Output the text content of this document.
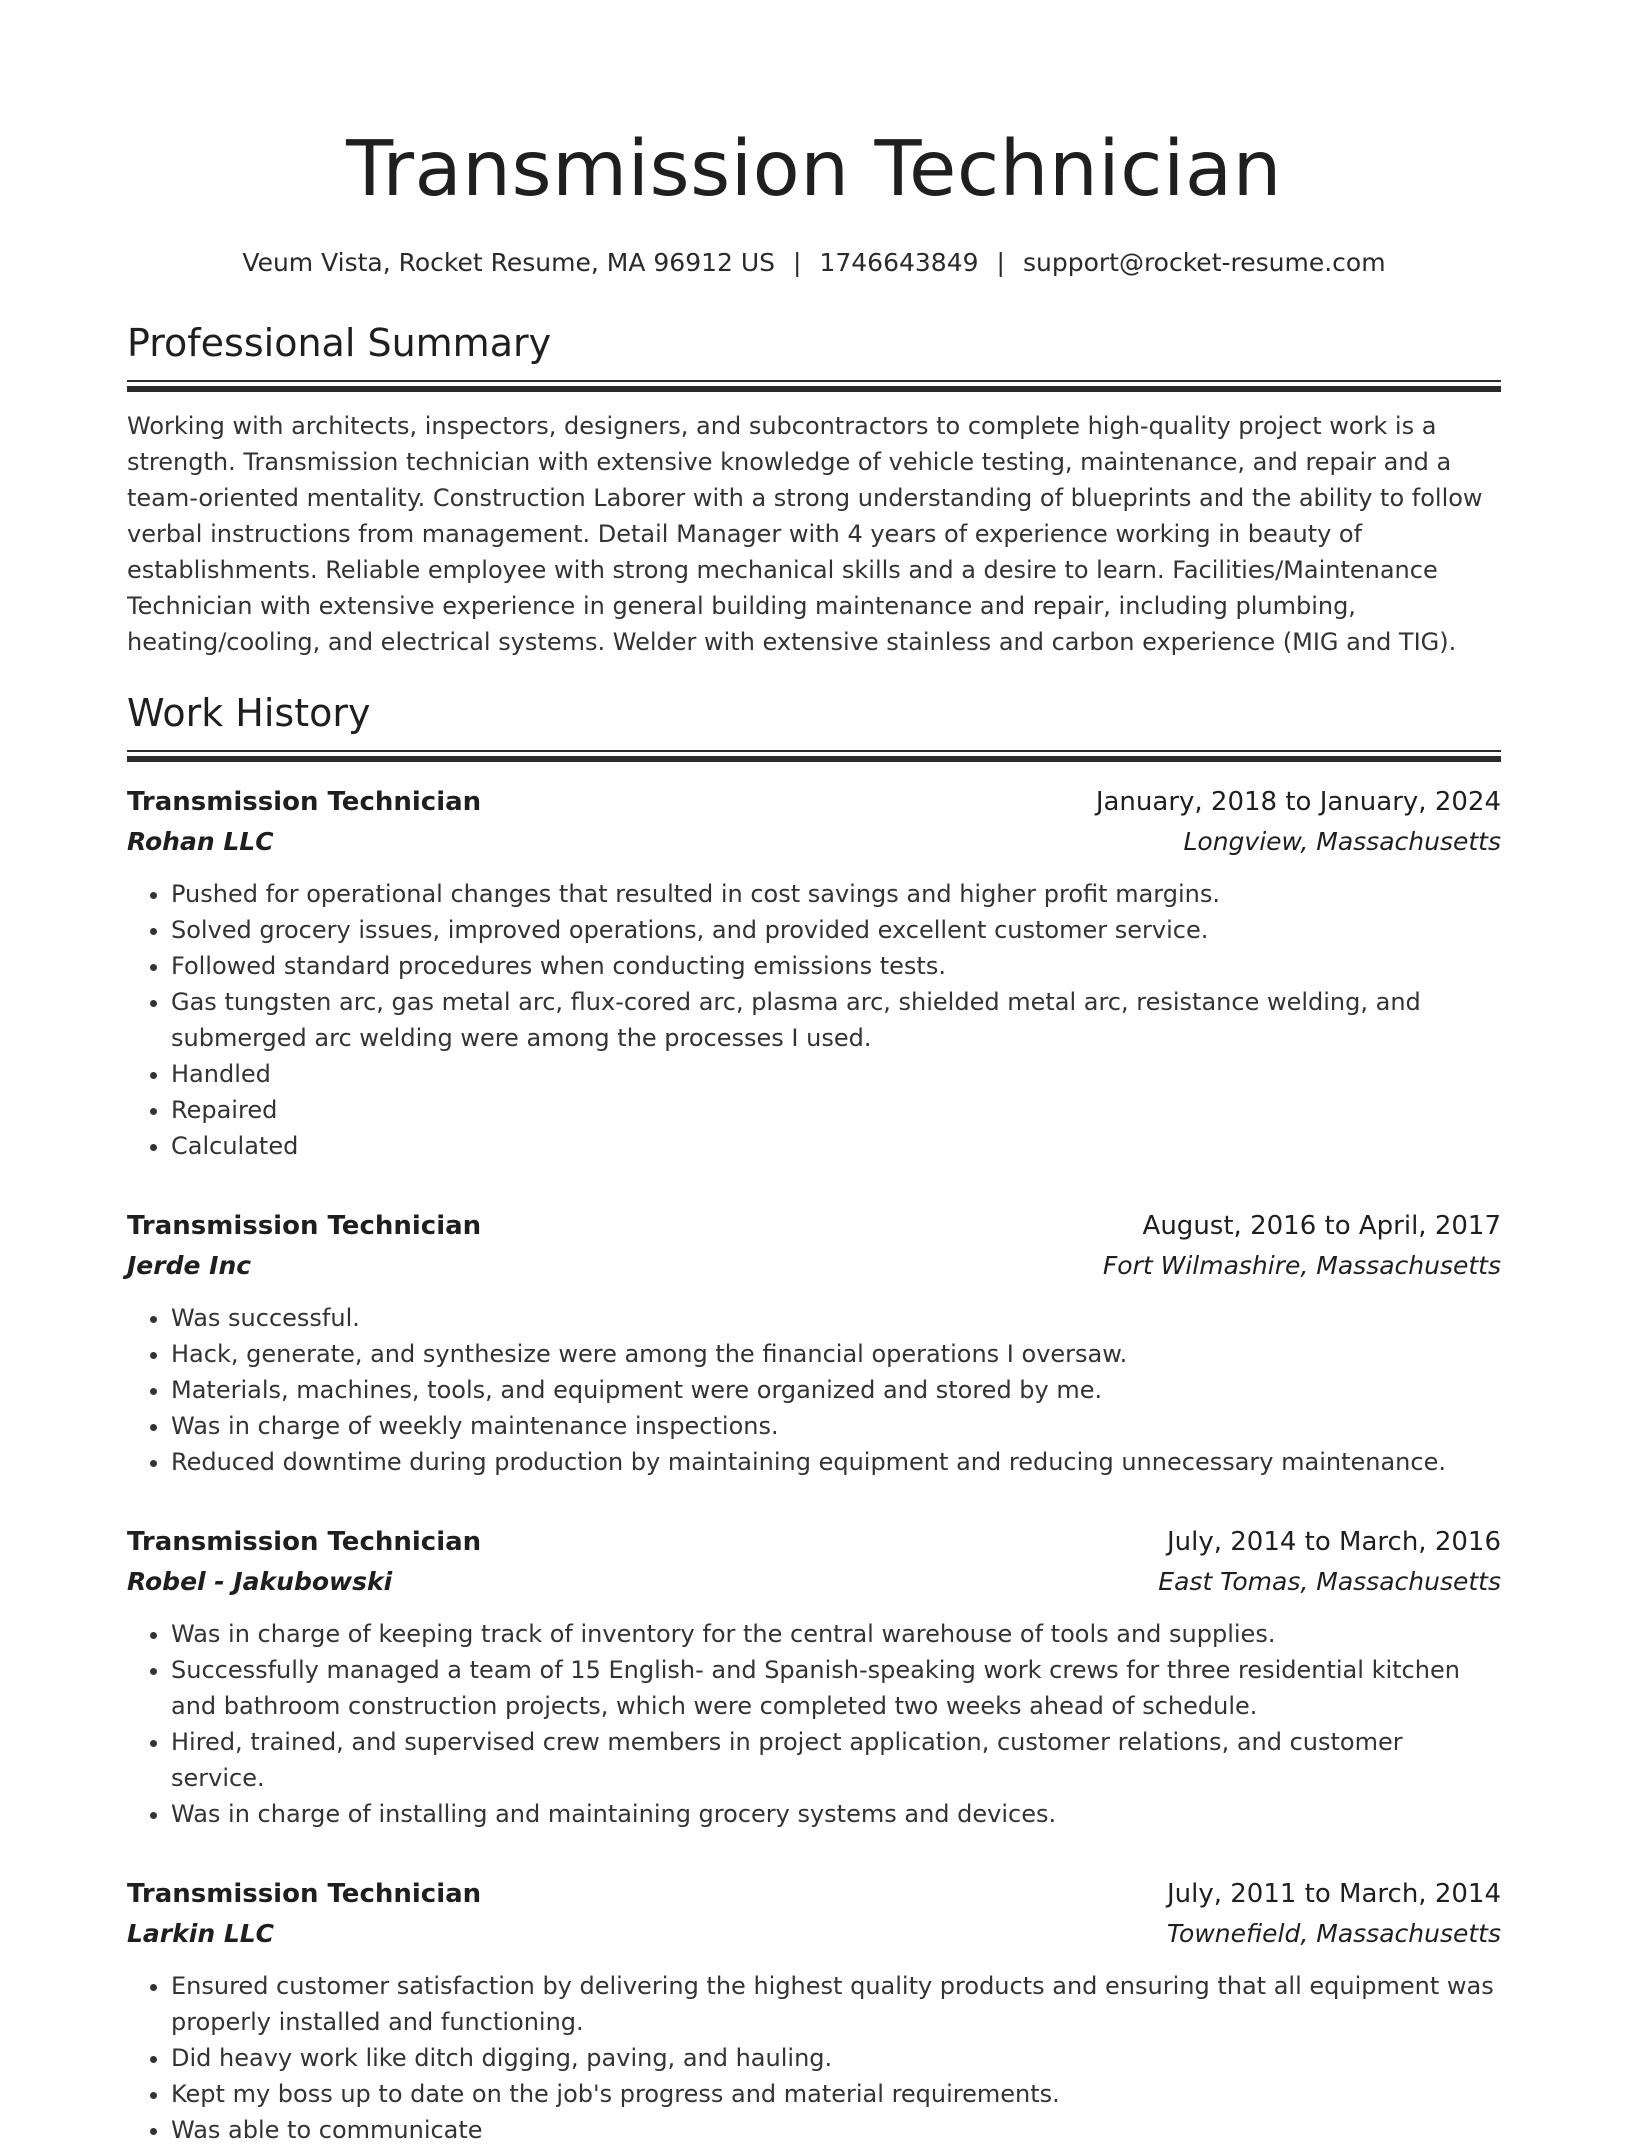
Transmission Technician
Veum Vista, Rocket Resume, MA 96912 US | 1746643849 | support@rocket-resume.com
Professional Summary

Working with architects, inspectors, designers, and subcontractors to complete high-quality project work is a strength. Transmission technician with extensive knowledge of vehicle testing, maintenance, and repair and a team-oriented mentality. Construction Laborer with a strong understanding of blueprints and the ability to follow verbal instructions from management. Detail Manager with 4 years of experience working in beauty of establishments. Reliable employee with strong mechanical skills and a desire to learn. Facilities/Maintenance Technician with extensive experience in general building maintenance and repair, including plumbing, heating/cooling, and electrical systems. Welder with extensive stainless and carbon experience (MIG and TIG).

Work History
Transmission Technician	January, 2018 to January, 2024
Rohan LLC	Longview, Massachusetts
• Pushed for operational changes that resulted in cost savings and higher profit margins.
• Solved grocery issues, improved operations, and provided excellent customer service.
• Followed standard procedures when conducting emissions tests.
• Gas tungsten arc, gas metal arc, flux-cored arc, plasma arc, shielded metal arc, resistance welding, and submerged arc welding were among the processes I used.
• Handled
• Repaired
• Calculated
Transmission Technician	August, 2016 to April, 2017
Jerde Inc	Fort Wilmashire, Massachusetts
• Was successful.
• Hack, generate, and synthesize were among the financial operations I oversaw.
• Materials, machines, tools, and equipment were organized and stored by me.
• Was in charge of weekly maintenance inspections.
• Reduced downtime during production by maintaining equipment and reducing unnecessary maintenance.
Transmission Technician	July, 2014 to March, 2016
Robel - Jakubowski	East Tomas, Massachusetts
• Was in charge of keeping track of inventory for the central warehouse of tools and supplies.
• Successfully managed a team of 15 English- and Spanish-speaking work crews for three residential kitchen and bathroom construction projects, which were completed two weeks ahead of schedule.
• Hired, trained, and supervised crew members in project application, customer relations, and customer service.
• Was in charge of installing and maintaining grocery systems and devices.
Transmission Technician	July, 2011 to March, 2014
Larkin LLC	Townefield, Massachusetts
• Ensured customer satisfaction by delivering the highest quality products and ensuring that all equipment was properly installed and functioning.
• Did heavy work like ditch digging, paving, and hauling.
• Kept my boss up to date on the job's progress and material requirements.
• Was able to communicate
